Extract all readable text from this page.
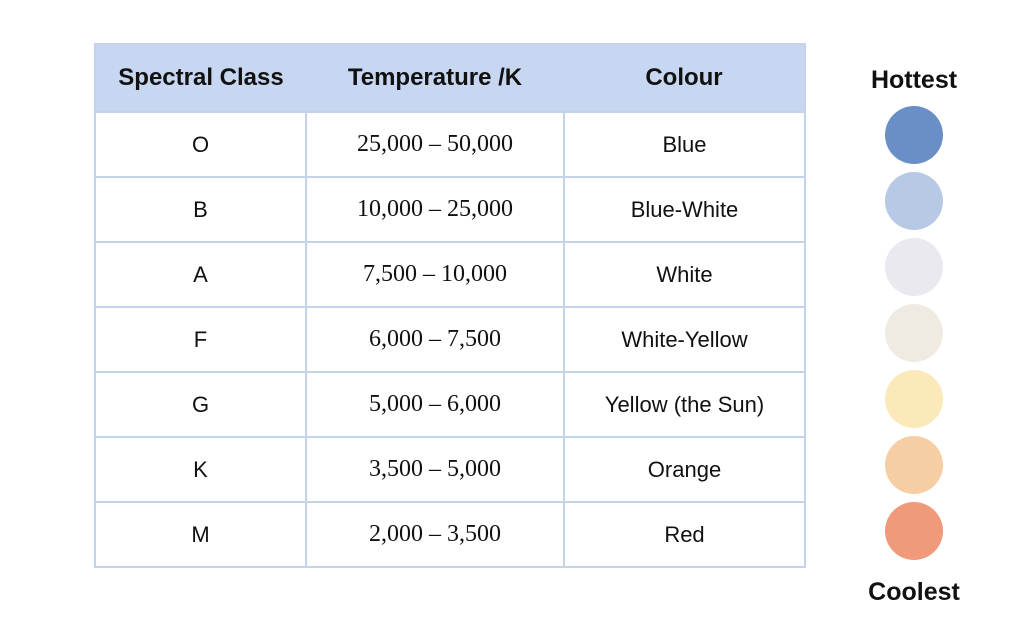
Spectral Class	Temperature /K	Colour
O	25,000 – 50,000	Blue
B	10,000 – 25,000	Blue-White
A	7,500 – 10,000	White
F	6,000 – 7,500	White-Yellow
G	5,000 – 6,000	Yellow (the Sun)
K	3,500 – 5,000	Orange
M	2,000 – 3,500	Red
Hottest
Coolest
